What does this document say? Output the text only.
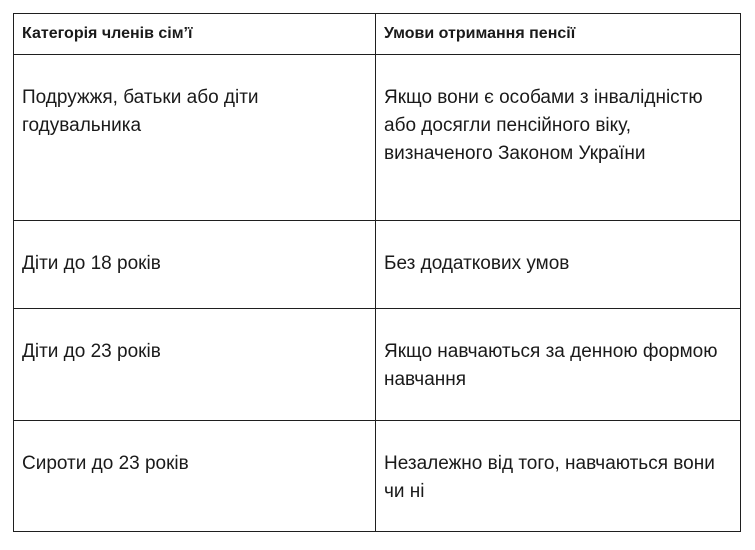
Категорія членів сім’ї	Умови отримання пенсії
Подружжя, батьки або діти годувальника	Якщо вони є особами з інвалідністю або досягли пенсійного віку, визначеного Законом України
Діти до 18 років	Без додаткових умов
Діти до 23 років	Якщо навчаються за денною формою навчання
Сироти до 23 років	Незалежно від того, навчаються вони чи ні
